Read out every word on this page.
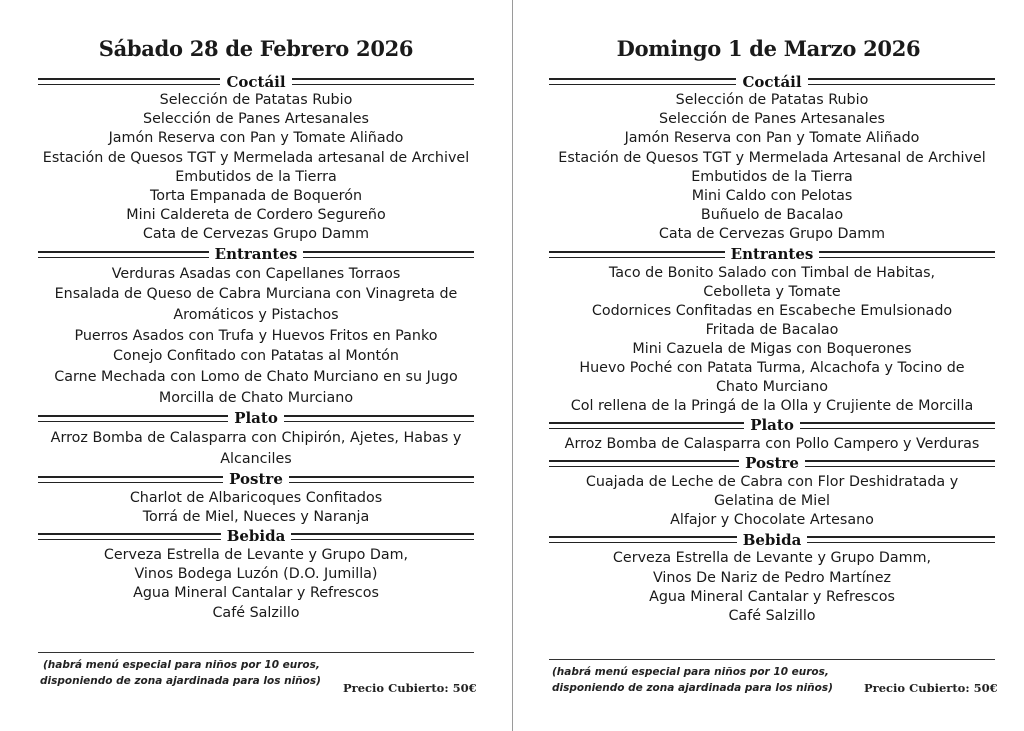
Sábado 28 de Febrero 2026
Coctáil
Selección de Patatas Rubio
Selección de Panes Artesanales
Jamón Reserva con Pan y Tomate Aliñado
Estación de Quesos TGT y Mermelada artesanal de Archivel
Embutidos de la Tierra
Torta Empanada de Boquerón
Mini Caldereta de Cordero Segureño
Cata de Cervezas Grupo Damm
Entrantes
Verduras Asadas con Capellanes Torraos
Ensalada de Queso de Cabra Murciana con Vinagreta de
Aromáticos y Pistachos
Puerros Asados con Trufa y Huevos Fritos en Panko
Conejo Confitado con Patatas al Montón
Carne Mechada con Lomo de Chato Murciano en su Jugo
Morcilla de Chato Murciano
Plato
Arroz Bomba de Calasparra con Chipirón, Ajetes, Habas y
Alcanciles
Postre
Charlot de Albaricoques Confitados
Torrá de Miel, Nueces y Naranja
Bebida
Cerveza Estrella de Levante y Grupo Dam,
Vinos Bodega Luzón (D.O. Jumilla)
Agua Mineral Cantalar y Refrescos
Café Salzillo
(habrá menú especial para niños por 10 euros,
disponiendo de zona ajardinada para los niños)	Precio Cubierto: 50€
Domingo 1 de Marzo 2026
Coctáil
Selección de Patatas Rubio
Selección de Panes Artesanales
Jamón Reserva con Pan y Tomate Aliñado
Estación de Quesos TGT y Mermelada Artesanal de Archivel
Embutidos de la Tierra
Mini Caldo con Pelotas
Buñuelo de Bacalao
Cata de Cervezas Grupo Damm
Entrantes
Taco de Bonito Salado con Timbal de Habitas,
Cebolleta y Tomate
Codornices Confitadas en Escabeche Emulsionado
Fritada de Bacalao
Mini Cazuela de Migas con Boquerones
Huevo Poché con Patata Turma, Alcachofa y Tocino de
Chato Murciano
Col rellena de la Pringá de la Olla y Crujiente de Morcilla
Plato
Arroz Bomba de Calasparra con Pollo Campero y Verduras
Postre
Cuajada de Leche de Cabra con Flor Deshidratada y
Gelatina de Miel
Alfajor y Chocolate Artesano
Bebida
Cerveza Estrella de Levante y Grupo Damm,
Vinos De Nariz de Pedro Martínez
Agua Mineral Cantalar y Refrescos
Café Salzillo
(habrá menú especial para niños por 10 euros,
disponiendo de zona ajardinada para los niños)	Precio Cubierto: 50€
